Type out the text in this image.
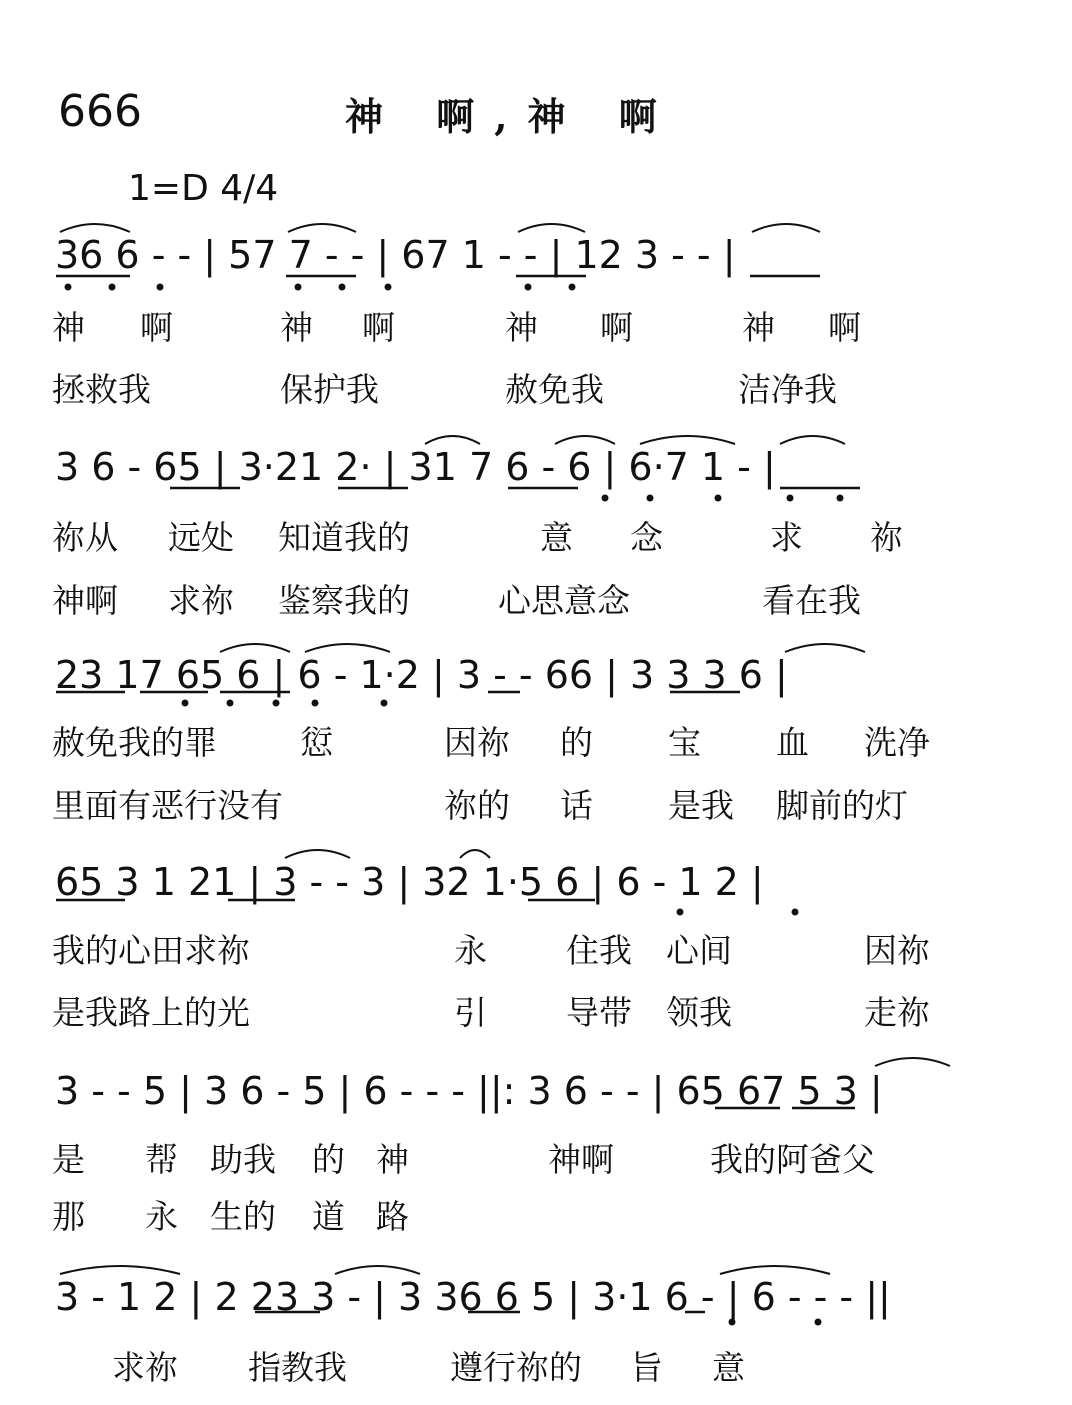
666	神 啊,神 啊
1=D 4/4
36 6 - - | 57 7 - - | 67 1 - - | 12 3 - - |
神 啊	神 啊	神 啊	神 啊
拯救我	保护我	赦免我	洁净我
3 6 - 65 | 3·21 2· | 31 7 6 - 6 | 6·7 1 - |
祢从 远处 知道我的	意 念	求 祢
神啊 求祢 鉴察我的	心思意念	看在我
23 17 65 6 | 6 - 1·2 | 3 - - 66 | 3 3 3 6 |
赦免我的罪	愆	因祢 的 宝 血 洗净
里面有恶行没有	祢的 话 是我 脚前的灯
65 3 1 21 | 3 - - 3 | 32 1·5 6 | 6 - 1 2 |
我的心田求祢	永 住我 心间	因祢
是我路上的光	引 导带 领我	走祢
3 - - 5 | 3 6 - 5 | 6 - - - ||: 3 6 - - | 65 67 5 3 |
是 帮 助我 的 神	神啊	我的阿爸父
那 永 生的 道 路
3 - 1 2 | 2 23 3 - | 3 36 6 5 | 3·1 6 - | 6 - - - ||
求祢 指教我	遵行祢的 旨 意
